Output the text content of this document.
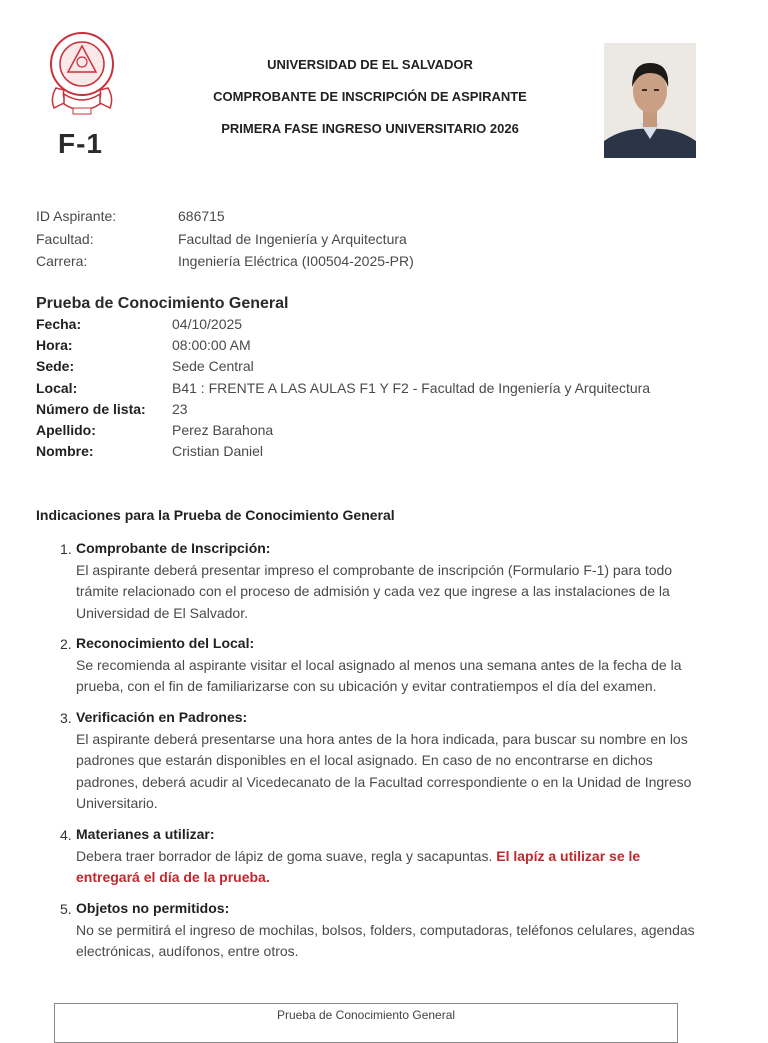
F-1
UNIVERSIDAD DE EL SALVADOR
COMPROBANTE DE INSCRIPCIÓN DE ASPIRANTE
PRIMERA FASE INGRESO UNIVERSITARIO 2026
ID Aspirante:	686715
Facultad:	Facultad de Ingeniería y Arquitectura
Carrera:	Ingeniería Eléctrica (I00504-2025-PR)
Prueba de Conocimiento General
Fecha:	04/10/2025
Hora:	08:00:00 AM
Sede:	Sede Central
Local:	B41 : FRENTE A LAS AULAS F1 Y F2 - Facultad de Ingeniería y Arquitectura
Número de lista: 23
Apellido:	Perez Barahona
Nombre:	Cristian Daniel
Indicaciones para la Prueba de Conocimiento General
1. Comprobante de Inscripción:
El aspirante deberá presentar impreso el comprobante de inscripción (Formulario F-1) para todo trámite relacionado con el proceso de admisión y cada vez que ingrese a las instalaciones de la Universidad de El Salvador.
2. Reconocimiento del Local:
Se recomienda al aspirante visitar el local asignado al menos una semana antes de la fecha de la prueba, con el fin de familiarizarse con su ubicación y evitar contratiempos el día del examen.
3. Verificación en Padrones:
El aspirante deberá presentarse una hora antes de la hora indicada, para buscar su nombre en los padrones que estarán disponibles en el local asignado. En caso de no encontrarse en dichos padrones, deberá acudir al Vicedecanato de la Facultad correspondiente o en la Unidad de Ingreso Universitario.
4. Materianes a utilizar:
Debera traer borrador de lápiz de goma suave, regla y sacapuntas. El lapíz a utilizar se le entregará el día de la prueba.
5. Objetos no permitidos:
No se permitirá el ingreso de mochilas, bolsos, folders, computadoras, teléfonos celulares, agendas electrónicas, audífonos, entre otros.
Prueba de Conocimiento General
